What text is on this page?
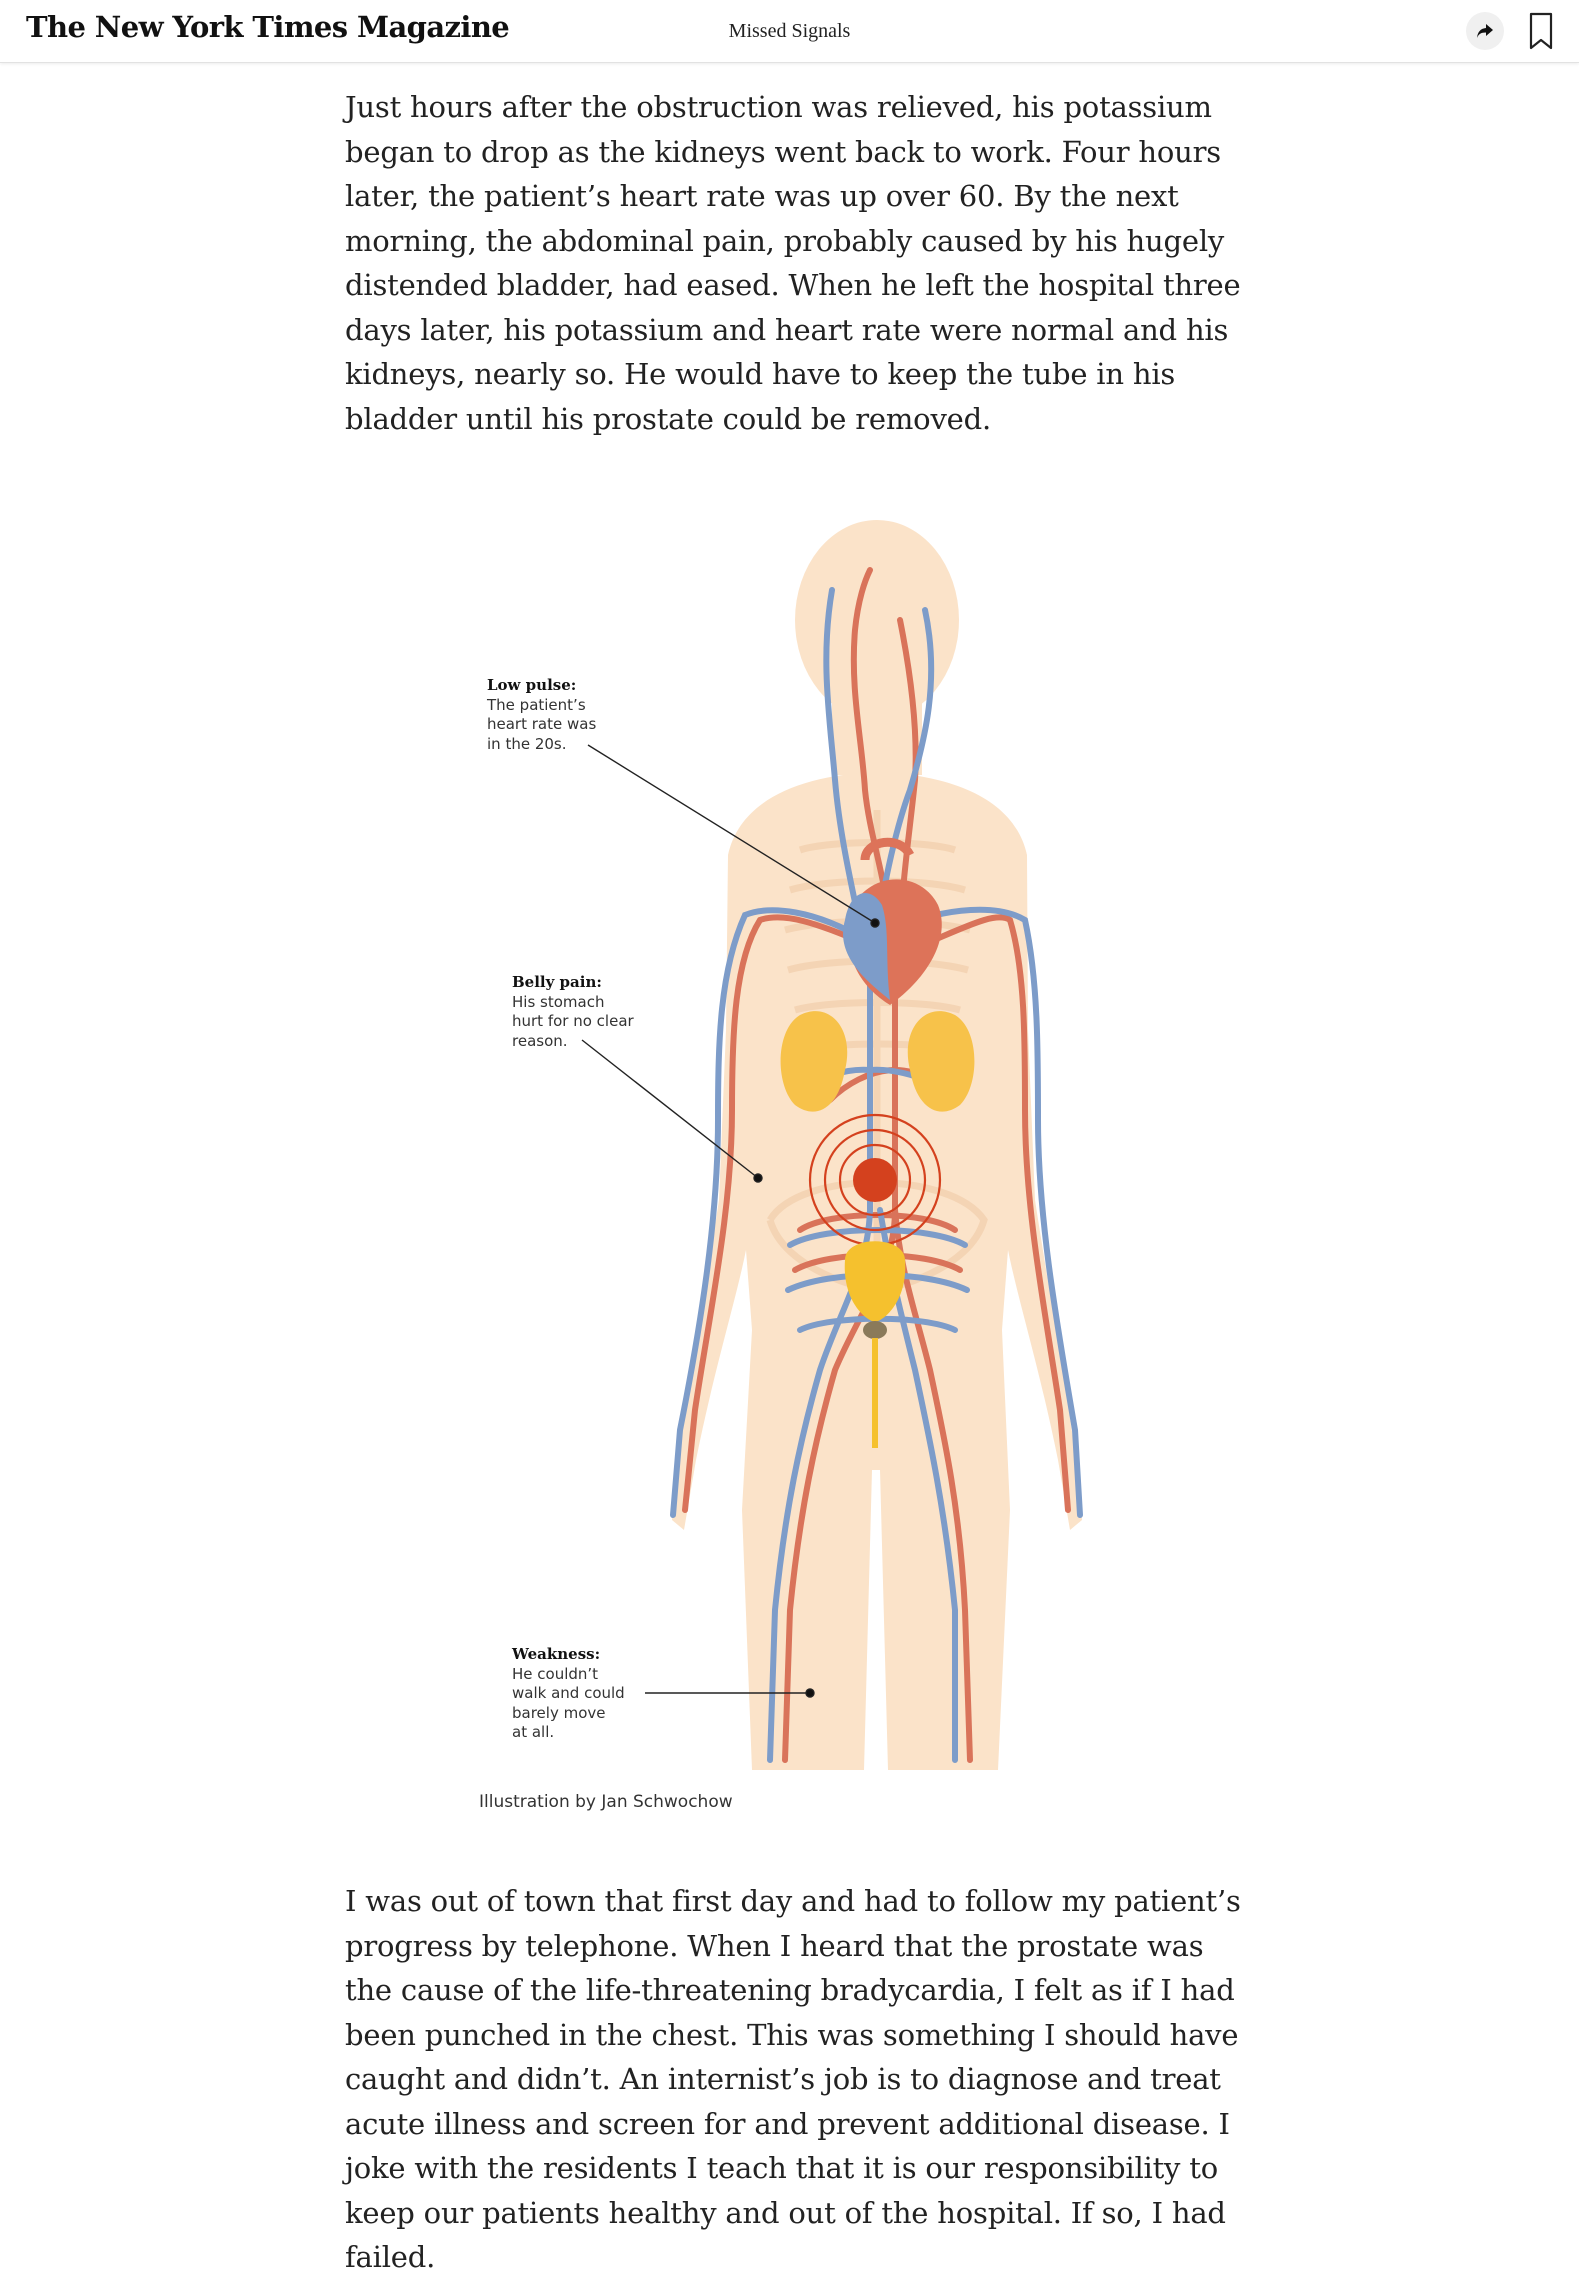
The New York Times Magazine	Missed Signals

Just hours after the obstruction was relieved, his potassium began to drop as the kidneys went back to work. Four hours later, the patient’s heart rate was up over 60. By the next morning, the abdominal pain, probably caused by his hugely distended bladder, had eased. When he left the hospital three days later, his potassium and heart rate were normal and his kidneys, nearly so. He would have to keep the tube in his bladder until his prostate could be removed.

Low pulse:
The patient’s
heart rate was
in the 20s.
Belly pain:
His stomach
hurt for no clear
reason.
Weakness:
He couldn’t
walk and could
barely move
at all.
Illustration by Jan Schwochow

I was out of town that first day and had to follow my patient’s progress by telephone. When I heard that the prostate was the cause of the life-threatening bradycardia, I felt as if I had been punched in the chest. This was something I should have caught and didn’t. An internist’s job is to diagnose and treat acute illness and screen for and prevent additional disease. I joke with the residents I teach that it is our responsibility to keep our patients healthy and out of the hospital. If so, I had failed.
